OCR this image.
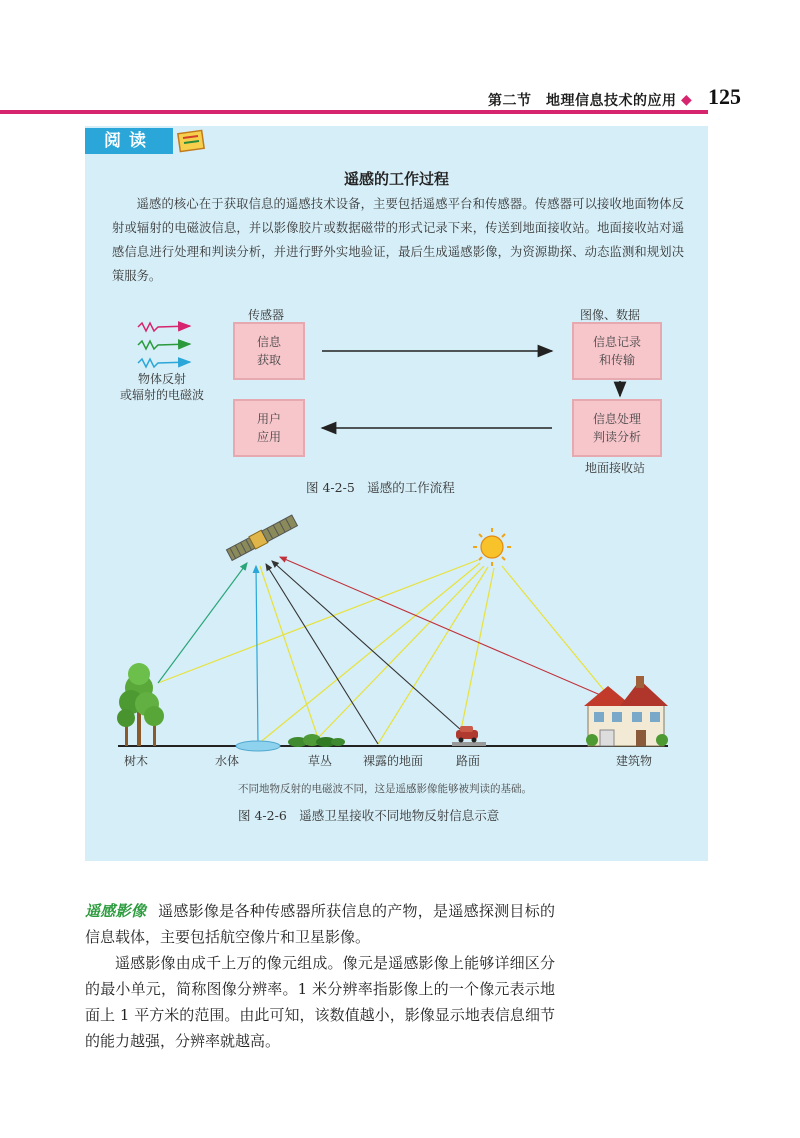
第二节　地理信息技术的应用 ◆ 125
阅读
遥感的工作过程

遥感的核心在于获取信息的遥感技术设备，主要包括遥感平台和传感器。传感器可以接收地面物体反射或辐射的电磁波信息，并以影像胶片或数据磁带的形式记录下来，传送到地面接收站。地面接收站对遥感信息进行处理和判读分析，并进行野外实地验证，最后生成遥感影像，为资源勘探、动态监测和规划决策服务。

物体反射
或辐射的电磁波
传感器	图像、数据
信息
获取
信息记录
和传输
信息处理
判读分析
用户
应用
地面接收站
图 4-2-5　遥感的工作流程
树木	水体	草丛	裸露的地面	路面	建筑物
不同地物反射的电磁波不同，这是遥感影像能够被判读的基础。
图 4-2-6　遥感卫星接收不同地物反射信息示意

遥感影像 遥感影像是各种传感器所获信息的产物，是遥感探测目标的信息载体，主要包括航空像片和卫星影像。

遥感影像由成千上万的像元组成。像元是遥感影像上能够详细区分的最小单元，简称图像分辨率。1 米分辨率指影像上的一个像元表示地面上 1 平方米的范围。由此可知，该数值越小，影像显示地表信息细节的能力越强，分辨率就越高。
